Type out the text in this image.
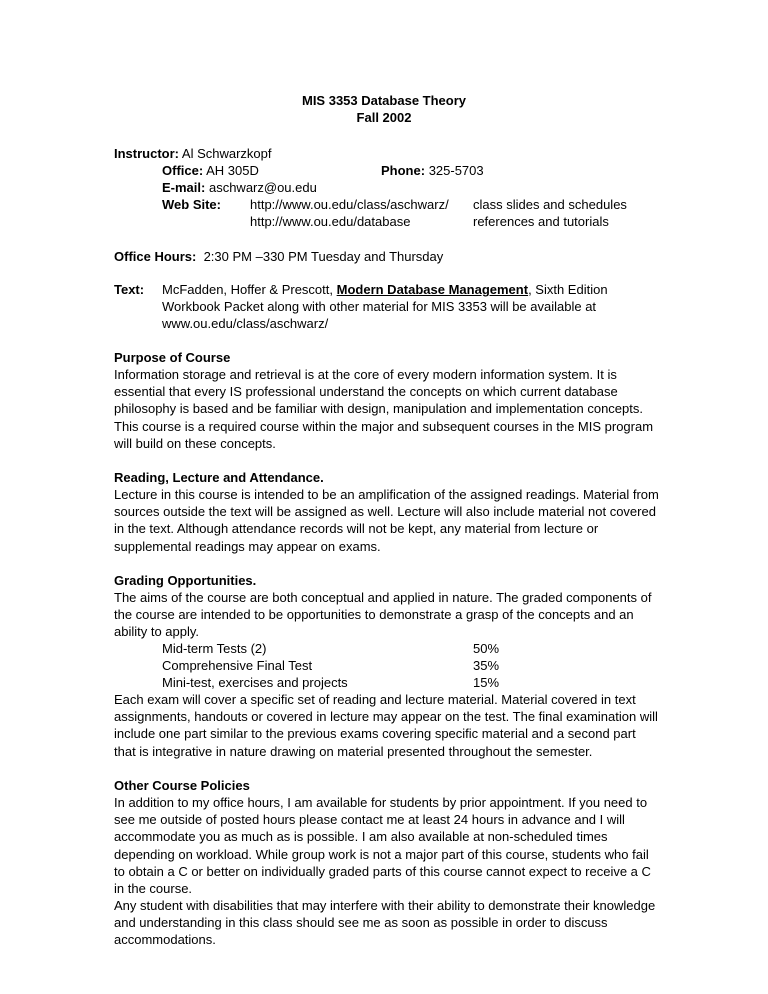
MIS 3353 Database Theory
Fall 2002
Instructor: Al Schwarzkopf
Office: AH 305D	Phone: 325-5703
E-mail: aschwarz@ou.edu
Web Site: http://www.ou.edu/class/aschwarz/ class slides and schedules
http://www.ou.edu/database	references and tutorials
Office Hours: 2:30 PM –330 PM Tuesday and Thursday
Text: McFadden, Hoffer & Prescott, Modern Database Management, Sixth Edition
Workbook Packet along with other material for MIS 3353 will be available at
www.ou.edu/class/aschwarz/
Purpose of Course
Information storage and retrieval is at the core of every modern information system. It is essential that every IS professional understand the concepts on which current database philosophy is based and be familiar with design, manipulation and implementation concepts. This course is a required course within the major and subsequent courses in the MIS program will build on these concepts.
Reading, Lecture and Attendance.
Lecture in this course is intended to be an amplification of the assigned readings. Material from sources outside the text will be assigned as well. Lecture will also include material not covered in the text. Although attendance records will not be kept, any material from lecture or supplemental readings may appear on exams.
Grading Opportunities.
The aims of the course are both conceptual and applied in nature. The graded components of the course are intended to be opportunities to demonstrate a grasp of the concepts and an ability to apply.
Mid-term Tests (2)	50%
Comprehensive Final Test	35%
Mini-test, exercises and projects	15%
Each exam will cover a specific set of reading and lecture material. Material covered in text assignments, handouts or covered in lecture may appear on the test. The final examination will include one part similar to the previous exams covering specific material and a second part that is integrative in nature drawing on material presented throughout the semester.
Other Course Policies
In addition to my office hours, I am available for students by prior appointment. If you need to see me outside of posted hours please contact me at least 24 hours in advance and I will accommodate you as much as is possible. I am also available at non-scheduled times depending on workload. While group work is not a major part of this course, students who fail to obtain a C or better on individually graded parts of this course cannot expect to receive a C in the course.
Any student with disabilities that may interfere with their ability to demonstrate their knowledge and understanding in this class should see me as soon as possible in order to discuss accommodations.
